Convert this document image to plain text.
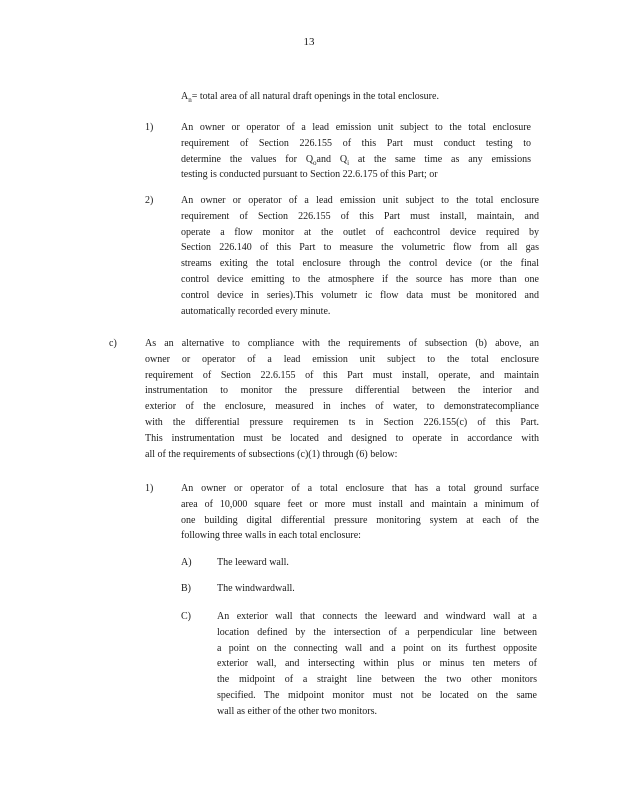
13
$A_n=$ total area of all natural draft openings in the total enclosure.
1)	An owner or operator of a lead emission unit subject to the total enclosure
requirement of Section 226.155 of this Part must conduct testing to
determine the values for $Q_oand$ $Q_i$ at the same time as any emissions
testing is conducted pursuant to Section 22.6.175 of this Part; or
2)	An owner or operator of a lead emission unit subject to the total enclosure
requirement of Section 226.155 of this Part must install, maintain, and
operate a flow monitor at the outlet of eachcontrol device required by
Section 226.140 of this Part to measure the volumetric flow from all gas
streams exiting the total enclosure through the control device (or the final
control device emitting to the atmosphere if the source has more than one
control device in series).This volumetr ic flow data must be monitored and
automatically recorded every minute.
c)	As an alternative to compliance with the requirements of subsection (b) above, an
owner or operator of a lead emission unit subject to the total enclosure
requirement of Section 22.6.155 of this Part must install, operate, and maintain
instrumentation to monitor the pressure differential between the interior and
exterior of the enclosure, measured in inches of water, to demonstratecompliance
with the differential pressure requiremen ts in Section 226.155(c) of this Part.
This instrumentation must be located and designed to operate in accordance with
all of the requirements of subsections (c)(1) through (6) below:
1)	An owner or operator of a total enclosure that has a total ground surface
area of 10,000 square feet or more must install and maintain a minimum of
one building digital differential pressure monitoring system at each of the
following three walls in each total enclosure:
A)	The leeward wall.
B)	The windwardwall.
C)	An exterior wall that connects the leeward and windward wall at a
location defined by the intersection of a perpendicular line between
a point on the connecting wall and a point on its furthest opposite
exterior wall, and intersecting within plus or minus ten meters of
the midpoint of a straight line between the two other monitors
specified. The midpoint monitor must not be located on the same
wall as either of the other two monitors.
